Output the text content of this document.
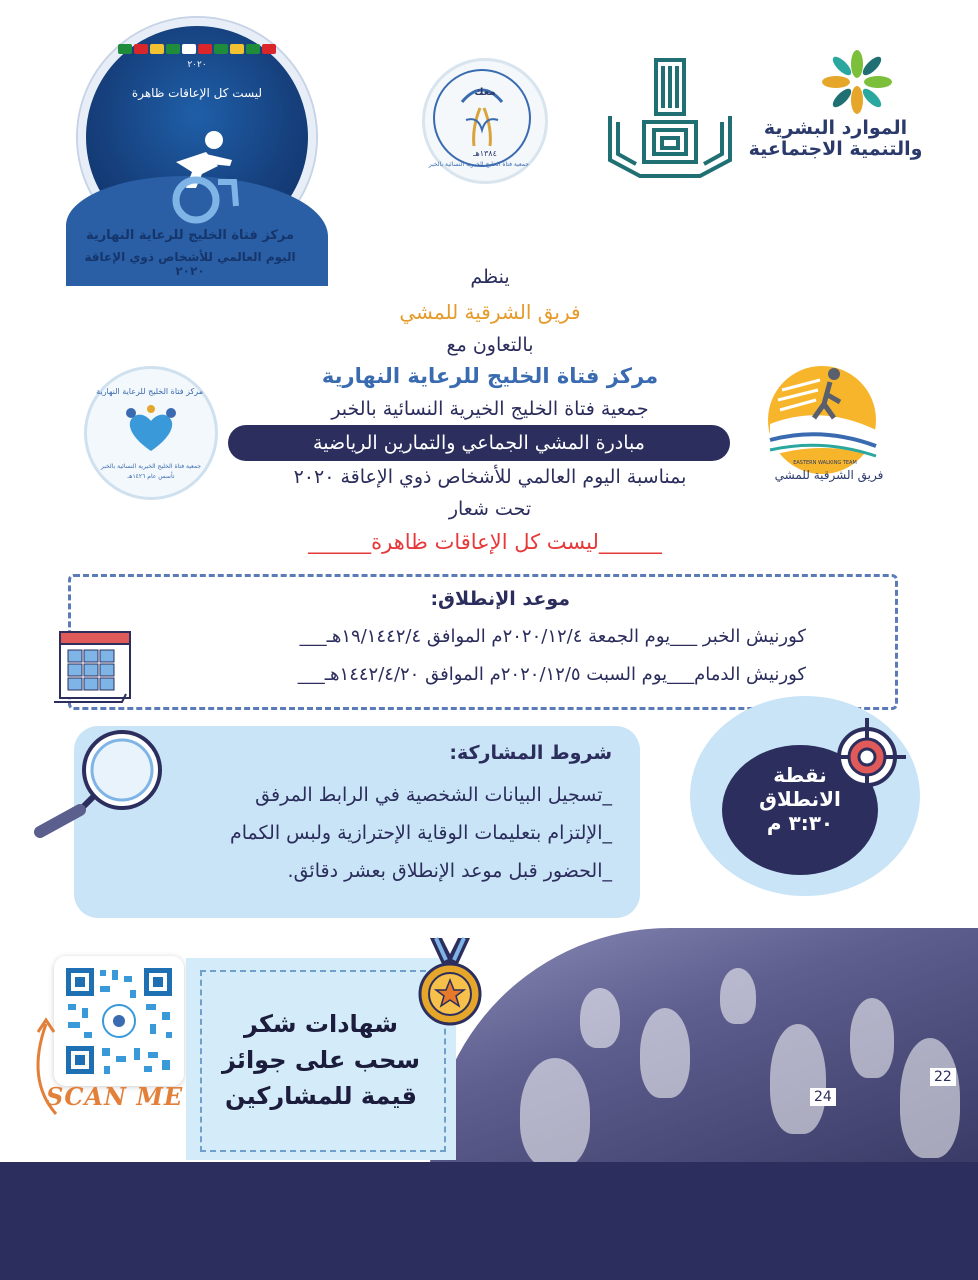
٢٠٢٠
ليست كل الإعاقات ظاهرة
مركز فتاة الخليج للرعاية النهارية
اليوم العالمي للأشخاص ذوي الإعاقة ٢٠٢٠
معك
١٣٨٤هـ
جمعية فتاة الخليج الخيرية النسائية بالخبر
الموارد البشرية
والتنمية الاجتماعية
مركز فتاة الخليج للرعاية النهارية
جمعية فتاة الخليج الخيرية النسائية بالخبر
تأسس عام ١٤٢٦هـ
EASTERN WALKING TEAM
فريق الشرقية للمشي
ينظم
فريق الشرقية للمشي
بالتعاون مع
مركز فتاة الخليج للرعاية النهارية
جمعية فتاة الخليج الخيرية النسائية بالخبر
مبادرة المشي الجماعي والتمارين الرياضية
بمناسبة اليوم العالمي للأشخاص ذوي الإعاقة ٢٠٢٠
تحت شعار
______ليست كل الإعاقات ظاهرة______
موعد الإنطلاق:
كورنيش الخبر ___يوم الجمعة ٢٠٢٠/١٢/٤م الموافق ١٩/١٤٤٢/٤هـ___
كورنيش الدمام___يوم السبت ٢٠٢٠/١٢/٥م الموافق ١٤٤٢/٤/٢٠هـ___
شروط المشاركة:
_تسجيل البيانات الشخصية في الرابط المرفق
_الإلتزام بتعليمات الوقاية الإحترازية ولبس الكمام
_الحضور قبل موعد الإنطلاق بعشر دقائق.
نقطة
الانطلاق
٣:٣٠ م
SCAN ME	24
22
شهادات شكر
سحب على جوائز
قيمة للمشاركين
